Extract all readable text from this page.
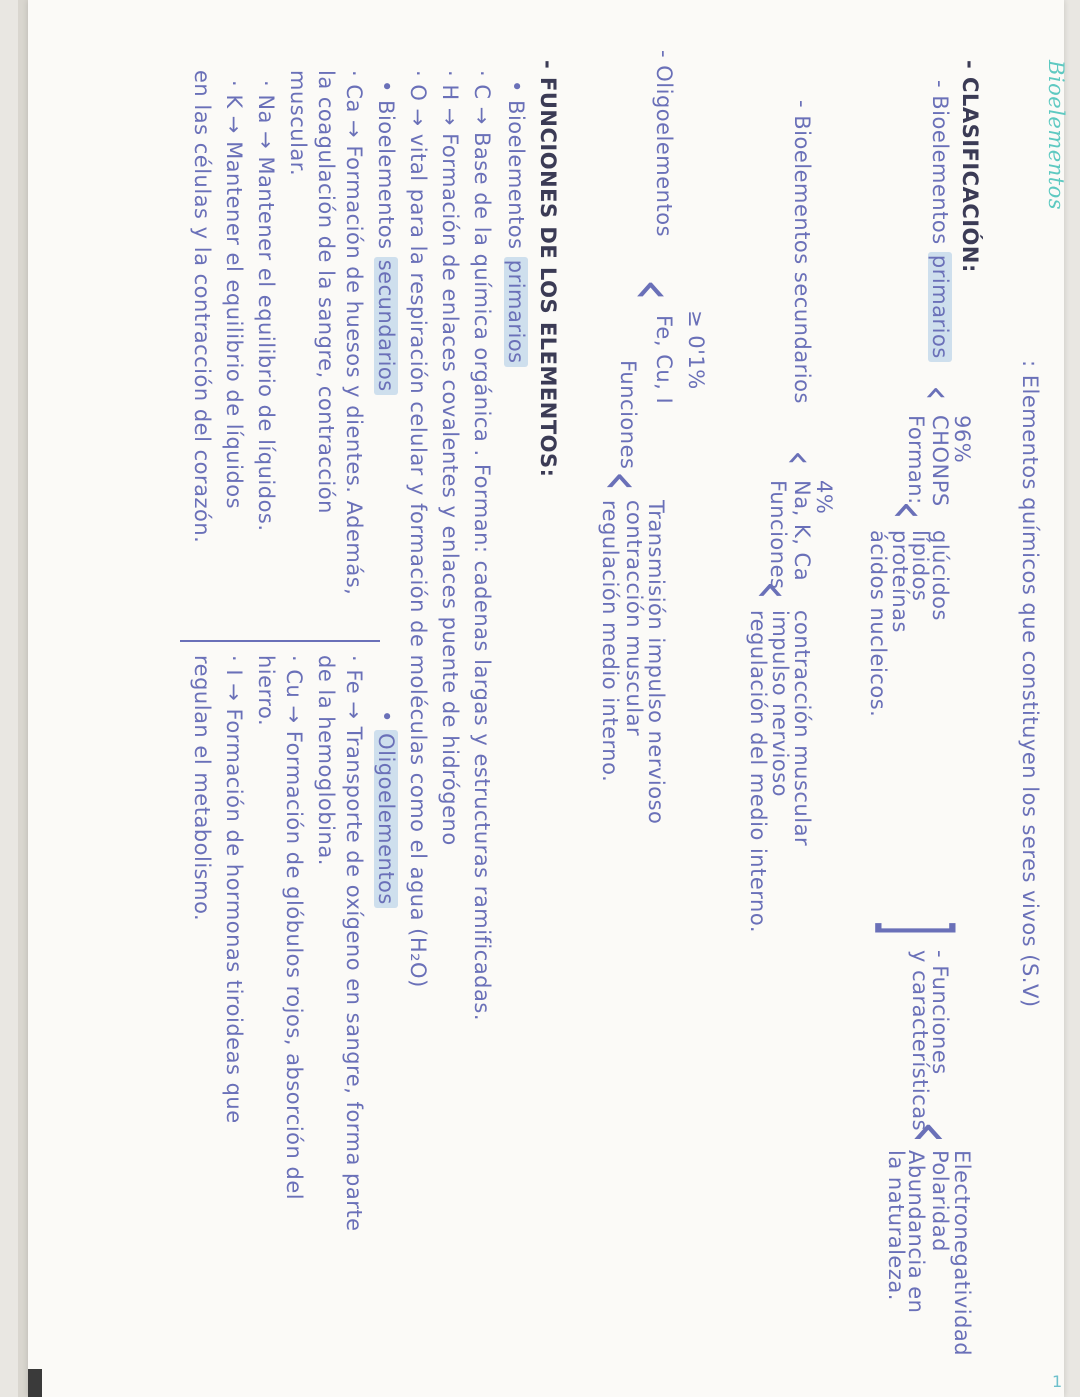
1
Bioelementos
: Elementos químicos que constituyen los seres vivos (S.V)
- CLASIFICACIÓN:
- Bioelementos primarios
‹
96%
CHONPS
Forman:
‹
glúcidos
lípidos
proteínas
ácidos nucleicos.
]
- Funciones
y características
‹
Electronegatividad
Polaridad
Abundancia en
la naturaleza.
- Bioelementos secundarios
‹
4%
Na, K, Ca
Funciones
‹
contracción muscular
impulso nervioso
regulación del medio interno.
- Oligoelementos
‹
≥ 0'1%
Fe, Cu, I
Funciones
‹
Transmisión impulso nervioso
contracción muscular
regulación medio interno.
- FUNCIONES DE LOS ELEMENTOS:
• Bioelementos primarios
· C → Base de la química orgánica . Forman: cadenas largas y estructuras ramificadas.
· H → Formación de enlaces covalentes y enlaces puente de hidrógeno
· O → vital para la respiración celular y formación de moléculas como el agua (H₂O)
• Bioelementos secundarios
· Ca → Formación de huesos y dientes. Además,
la coagulación de la sangre, contracción
muscular.
· Na → Mantener el equilibrio de líquidos.
· K → Mantener el equilibrio de líquidos
en las células y la contracción del corazón.
• Oligoelementos
· Fe → Transporte de oxígeno en sangre, forma parte
de la hemoglobina.
· Cu → Formación de glóbulos rojos, absorción del
hierro.
· I → Formación de hormonas tiroideas que
regulan el metabolismo.
